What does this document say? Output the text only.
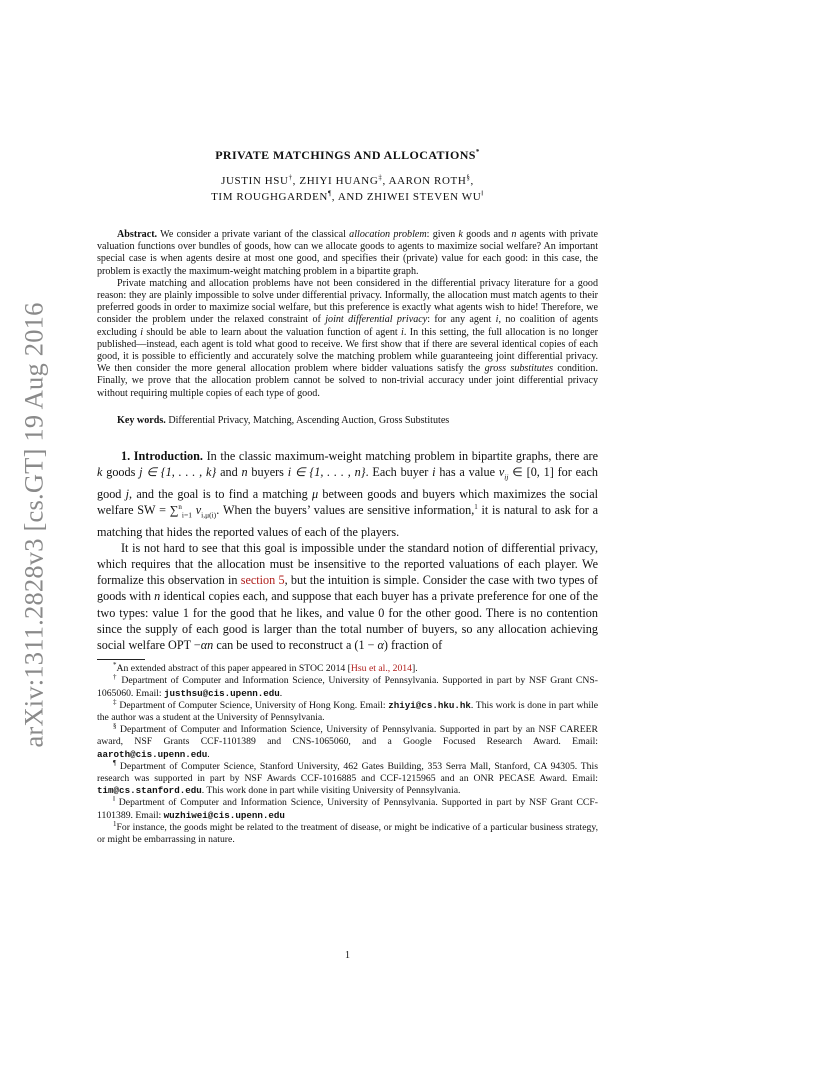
arXiv:1311.2828v3 [cs.GT] 19 Aug 2016
PRIVATE MATCHINGS AND ALLOCATIONS*
JUSTIN HSU†, ZHIYI HUANG‡, AARON ROTH§,
TIM ROUGHGARDEN¶, AND ZHIWEI STEVEN WU‖

Abstract. We consider a private variant of the classical allocation problem: given k goods and n agents with private valuation functions over bundles of goods, how can we allocate goods to agents to maximize social welfare? An important special case is when agents desire at most one good, and specifies their (private) value for each good: in this case, the problem is exactly the maximum-weight matching problem in a bipartite graph.

Private matching and allocation problems have not been considered in the differential privacy literature for a good reason: they are plainly impossible to solve under differential privacy. Informally, the allocation must match agents to their preferred goods in order to maximize social welfare, but this preference is exactly what agents wish to hide! Therefore, we consider the problem under the relaxed constraint of joint differential privacy: for any agent i, no coalition of agents excluding i should be able to learn about the valuation function of agent i. In this setting, the full allocation is no longer published—instead, each agent is told what good to receive. We first show that if there are several identical copies of each good, it is possible to efficiently and accurately solve the matching problem while guaranteeing joint differential privacy. We then consider the more general allocation problem where bidder valuations satisfy the gross substitutes condition. Finally, we prove that the allocation problem cannot be solved to non-trivial accuracy under joint differential privacy without requiring multiple copies of each type of good.

Key words. Differential Privacy, Matching, Ascending Auction, Gross Substitutes

1. Introduction. In the classic maximum-weight matching problem in bipartite graphs, there are k goods j ∈ {1, . . . , k} and n buyers i ∈ {1, . . . , n}. Each buyer i has a value $v_{ij}$ ∈ [0, 1] for each good j, and the goal is to find a matching μ between goods and buyers which maximizes the social welfare SW = ∑$^n_{i=1}$ $v_{i,\mu(i)}$. When the buyers’ values are sensitive information,$^1$ it is natural to ask for a matching that hides the reported values of each of the players.

It is not hard to see that this goal is impossible under the standard notion of differential privacy, which requires that the allocation must be insensitive to the reported valuations of each player. We formalize this observation in section 5, but the intuition is simple. Consider the case with two types of goods with n identical copies each, and suppose that each buyer has a private preference for one of the two types: value 1 for the good that he likes, and value 0 for the other good. There is no contention since the supply of each good is larger than the total number of buyers, so any allocation achieving social welfare OPT −αn can be used to reconstruct a (1 − α) fraction of

*An extended abstract of this paper appeared in STOC 2014 [Hsu et al., 2014].

† Department of Computer and Information Science, University of Pennsylvania. Supported in part by NSF Grant CNS-1065060. Email: justhsu@cis.upenn.edu.

‡ Department of Computer Science, University of Hong Kong. Email: zhiyi@cs.hku.hk. This work is done in part while the author was a student at the University of Pennsylvania.

§ Department of Computer and Information Science, University of Pennsylvania. Supported in part by an NSF CAREER award, NSF Grants CCF-1101389 and CNS-1065060, and a Google Focused Research Award. Email: aaroth@cis.upenn.edu.

¶ Department of Computer Science, Stanford University, 462 Gates Building, 353 Serra Mall, Stanford, CA 94305. This research was supported in part by NSF Awards CCF-1016885 and CCF-1215965 and an ONR PECASE Award. Email: tim@cs.stanford.edu. This work done in part while visiting University of Pennsylvania.

‖ Department of Computer and Information Science, University of Pennsylvania. Supported in part by NSF Grant CCF-1101389. Email: wuzhiwei@cis.upenn.edu

$^1$For instance, the goods might be related to the treatment of disease, or might be indicative of a particular business strategy, or might be embarrassing in nature.

1
